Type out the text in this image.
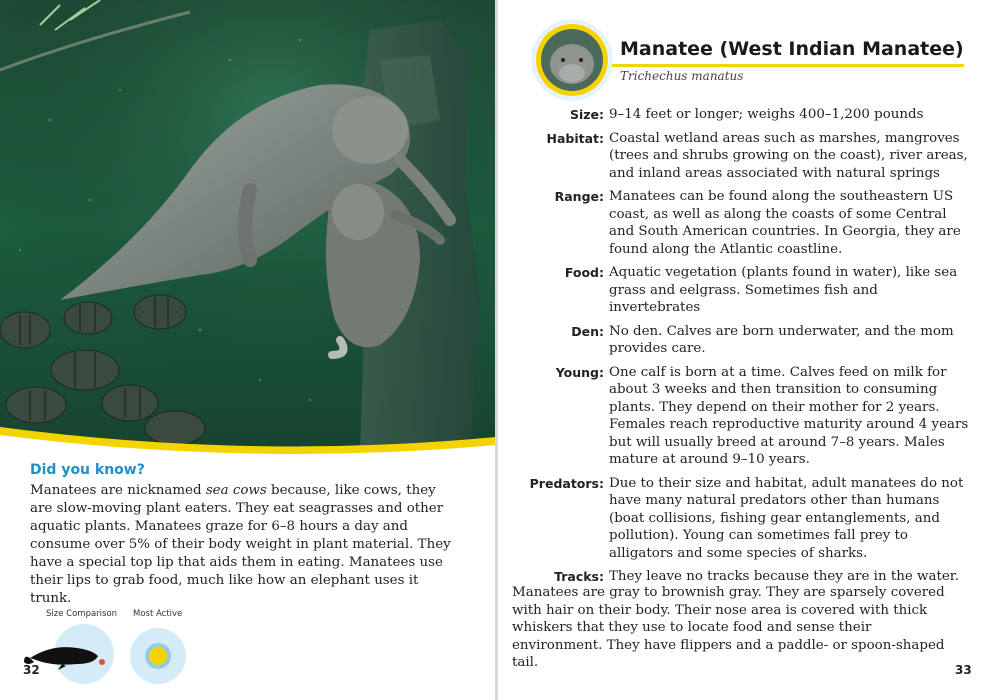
Did you know?
Manatees are nicknamed sea cows because, like cows, they are slow-moving plant eaters. They eat seagrasses and other aquatic plants. Manatees graze for 6–8 hours a day and consume over 5% of their body weight in plant material. They have a special top lip that aids them in eating. Manatees use their lips to grab food, much like how an elephant uses it trunk.
Size Comparison Most Active
32
Manatee (West Indian Manatee)
Trichechus manatus
Size: 9–14 feet or longer; weighs 400–1,200 pounds
Habitat: Coastal wetland areas such as marshes, mangroves (trees and shrubs growing on the coast), river areas, and inland areas associated with natural springs
Range: Manatees can be found along the southeastern US coast, as well as along the coasts of some Central and South American countries. In Georgia, they are found along the Atlantic coastline.
Food: Aquatic vegetation (plants found in water), like sea grass and eelgrass. Sometimes fish and invertebrates
Den: No den. Calves are born underwater, and the mom provides care.
Young: One calf is born at a time. Calves feed on milk for about 3 weeks and then transition to consuming plants. They depend on their mother for 2 years. Females reach reproductive maturity around 4 years but will usually breed at around 7–8 years. Males mature at around 9–10 years.
Predators: Due to their size and habitat, adult manatees do not have many natural predators other than humans (boat collisions, fishing gear entanglements, and pollution). Young can sometimes fall prey to alligators and some species of sharks.
Tracks: They leave no tracks because they are in the water.
Manatees are gray to brownish gray. They are sparsely covered with hair on their body. Their nose area is covered with thick whiskers that they use to locate food and sense their environment. They have flippers and a paddle- or spoon-shaped tail.	33
